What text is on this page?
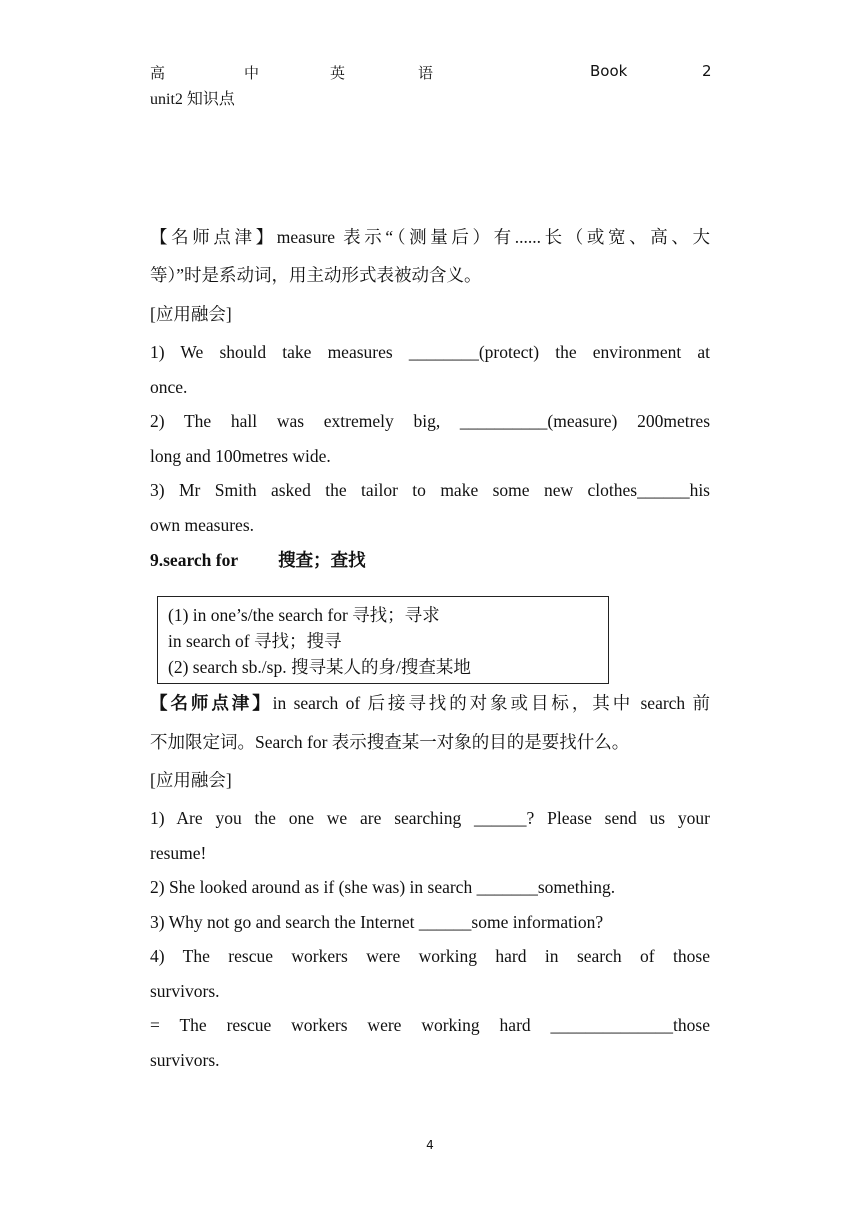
高	中	英	语	Book	2
unit2 知识点

【名师点津】measure 表示“（测量后）有......长（或宽、高、大

等）”时是系动词，用主动形式表被动含义。

[应用融会]

1) We should take measures ________(protect) the environment at

once.

2) The hall was extremely big, __________(measure) 200metres

long and 100metres wide.

3) Mr Smith asked the tailor to make some new clothes______his

own measures.

9.search for 搜查；查找

(1) in one’s/the search for 寻找；寻求
in search of 寻找；搜寻
(2) search sb./sp. 搜寻某人的身/搜查某地

【名师点津】in search of 后接寻找的对象或目标，其中 search 前

不加限定词。Search for 表示搜查某一对象的目的是要找什么。

[应用融会]

1) Are you the one we are searching ______? Please send us your

resume!

2) She looked around as if (she was) in search _______something.

3) Why not go and search the Internet ______some information?

4) The rescue workers were working hard in search of those

survivors.

= The rescue workers were working hard ______________those

survivors.

4
